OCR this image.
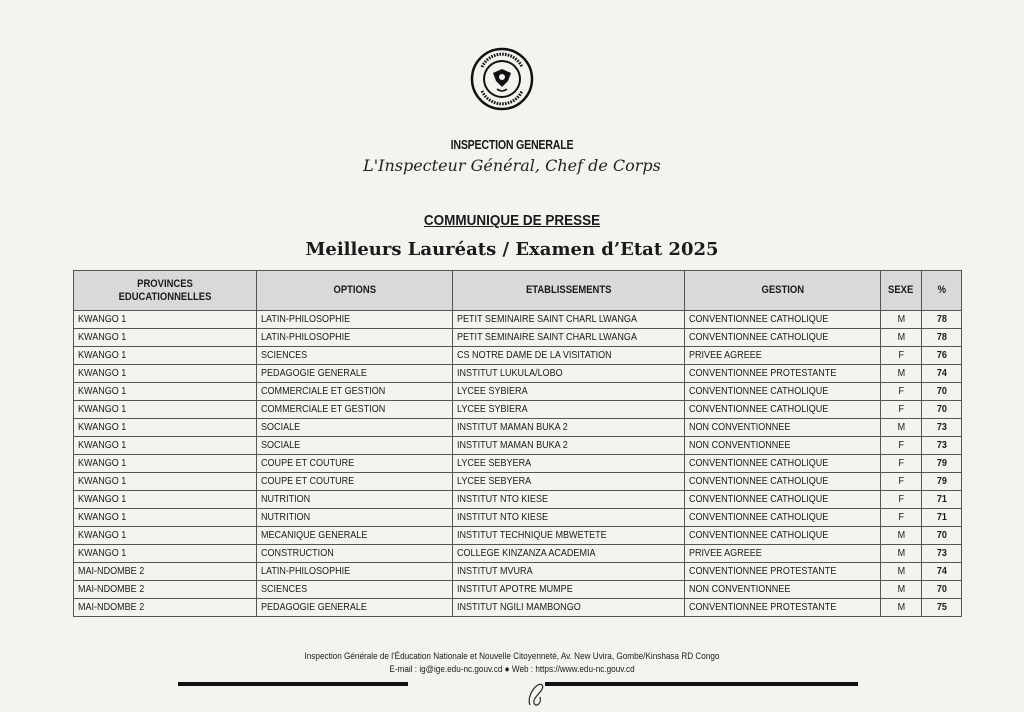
INSPECTION GENERALE
L'Inspecteur Général, Chef de Corps
COMMUNIQUE DE PRESSE
Meilleurs Lauréats / Examen d’Etat 2025
PROVINCES EDUCATIONNELLES	OPTIONS	ETABLISSEMENTS	GESTION	SEXE	%
KWANGO 1	LATIN-PHILOSOPHIE	PETIT SEMINAIRE SAINT CHARL LWANGA	CONVENTIONNEE CATHOLIQUE	M	78
KWANGO 1	LATIN-PHILOSOPHIE	PETIT SEMINAIRE SAINT CHARL LWANGA	CONVENTIONNEE CATHOLIQUE	M	78
KWANGO 1	SCIENCES	CS NOTRE DAME DE LA VISITATION	PRIVEE AGREEE	F	76
KWANGO 1	PEDAGOGIE GENERALE	INSTITUT LUKULA/LOBO	CONVENTIONNEE PROTESTANTE	M	74
KWANGO 1	COMMERCIALE ET GESTION	LYCEE SYBIERA	CONVENTIONNEE CATHOLIQUE	F	70
KWANGO 1	COMMERCIALE ET GESTION	LYCEE SYBIERA	CONVENTIONNEE CATHOLIQUE	F	70
KWANGO 1	SOCIALE	INSTITUT MAMAN BUKA 2	NON CONVENTIONNEE	M	73
KWANGO 1	SOCIALE	INSTITUT MAMAN BUKA 2	NON CONVENTIONNEE	F	73
KWANGO 1	COUPE ET COUTURE	LYCEE SEBYERA	CONVENTIONNEE CATHOLIQUE	F	79
KWANGO 1	COUPE ET COUTURE	LYCEE SEBYERA	CONVENTIONNEE CATHOLIQUE	F	79
KWANGO 1	NUTRITION	INSTITUT NTO KIESE	CONVENTIONNEE CATHOLIQUE	F	71
KWANGO 1	NUTRITION	INSTITUT NTO KIESE	CONVENTIONNEE CATHOLIQUE	F	71
KWANGO 1	MECANIQUE GENERALE	INSTITUT TECHNIQUE MBWETETE	CONVENTIONNEE CATHOLIQUE	M	70
KWANGO 1	CONSTRUCTION	COLLEGE KINZANZA ACADEMIA	PRIVEE AGREEE	M	73
MAI-NDOMBE 2	LATIN-PHILOSOPHIE	INSTITUT MVURA	CONVENTIONNEE PROTESTANTE	M	74
MAI-NDOMBE 2	SCIENCES	INSTITUT APOTRE MUMPE	NON CONVENTIONNEE	M	70
MAI-NDOMBE 2	PEDAGOGIE GENERALE	INSTITUT NGILI MAMBONGO	CONVENTIONNEE PROTESTANTE	M	75
Inspection Générale de l'Éducation Nationale et Nouvelle Citoyenneté, Av. New Uvira, Gombe/Kinshasa RD Congo
E-mail : ig@ige.edu-nc.gouv.cd ● Web : https://www.edu-nc.gouv.cd
